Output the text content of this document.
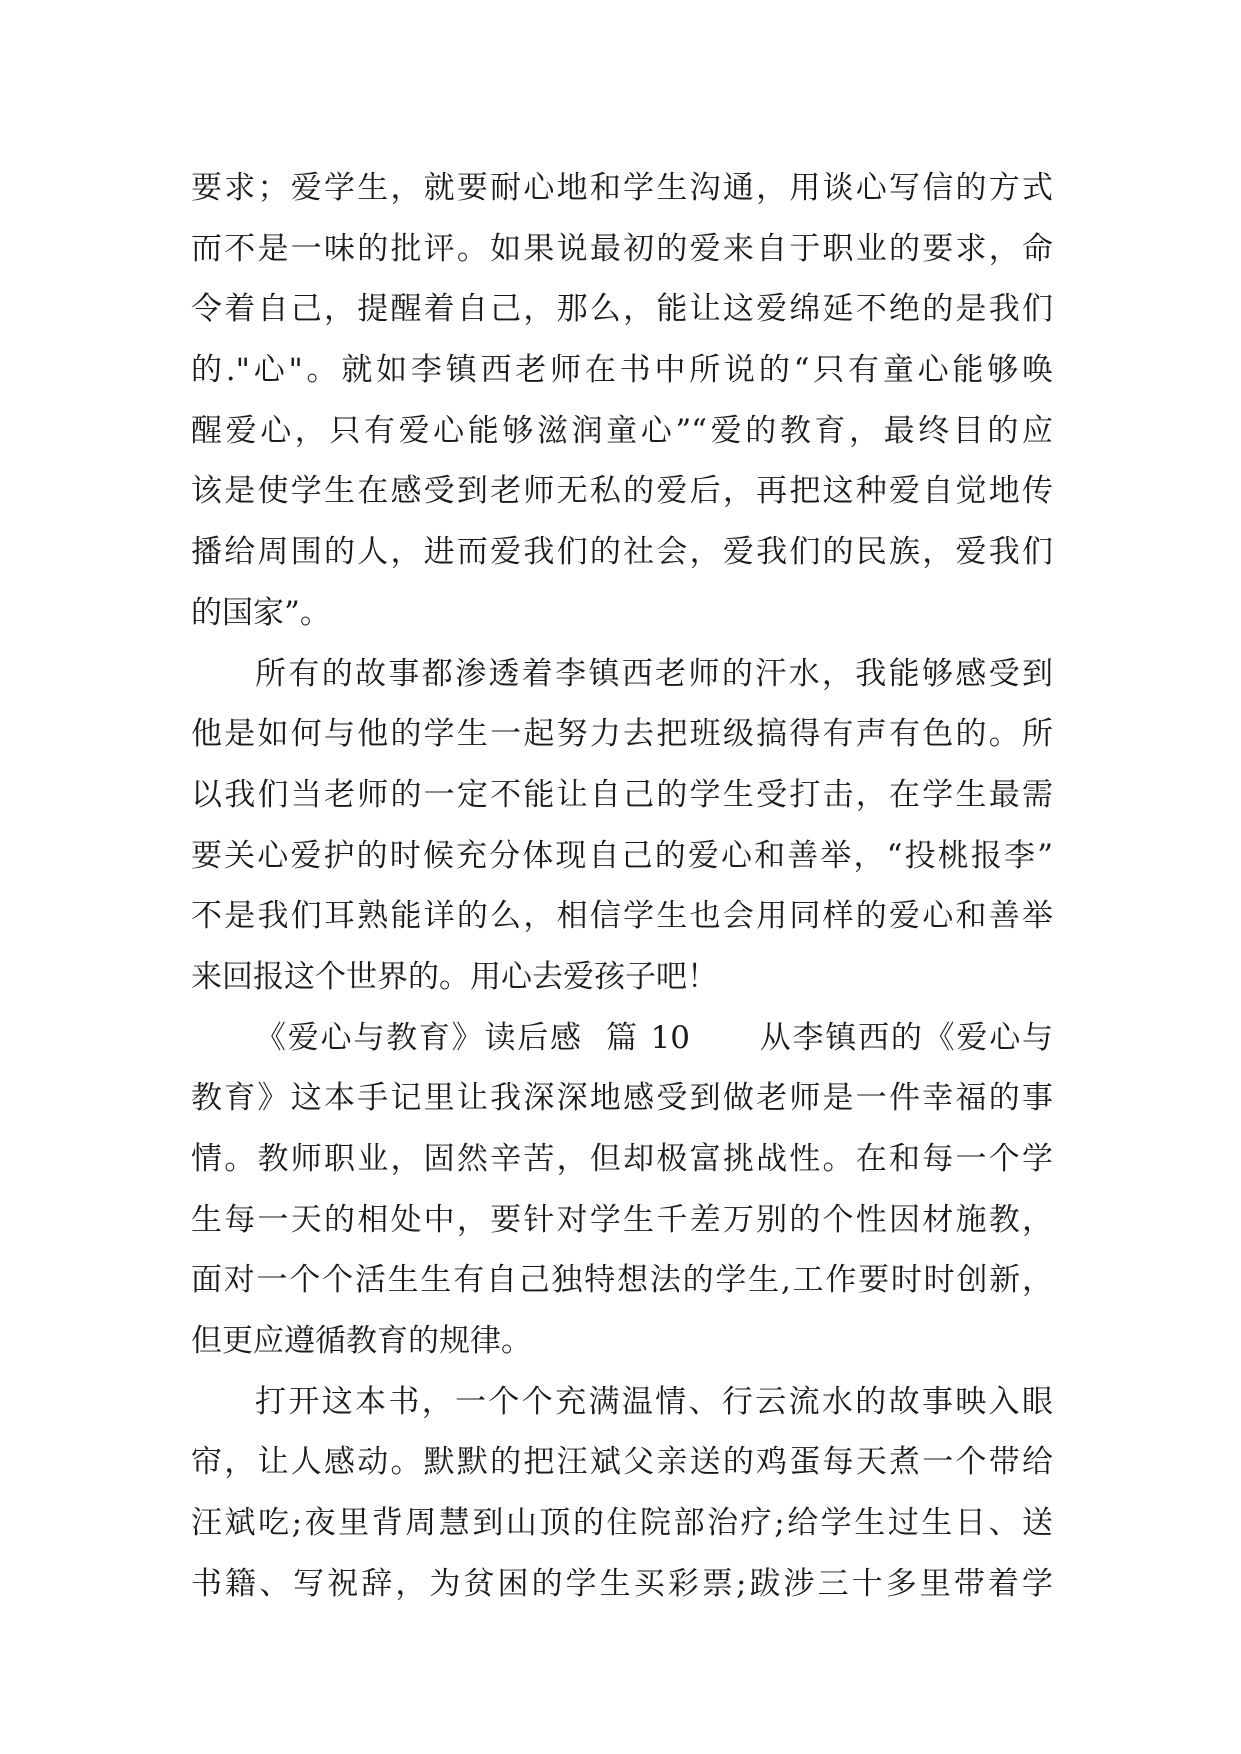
要求；爱学生，就要耐心地和学生沟通，用谈心写信的方式
而不是一味的批评。如果说最初的爱来自于职业的要求，命
令着自己，提醒着自己，那么，能让这爱绵延不绝的是我们
的."心"。就如李镇西老师在书中所说的“只有童心能够唤
醒爱心，只有爱心能够滋润童心”“爱的教育，最终目的应
该是使学生在感受到老师无私的爱后，再把这种爱自觉地传
播给周围的人，进而爱我们的社会，爱我们的民族，爱我们
的国家”。
所有的故事都渗透着李镇西老师的汗水，我能够感受到
他是如何与他的学生一起努力去把班级搞得有声有色的。所
以我们当老师的一定不能让自己的学生受打击，在学生最需
要关心爱护的时候充分体现自己的爱心和善举，“投桃报李”
不是我们耳熟能详的么，相信学生也会用同样的爱心和善举
来回报这个世界的。用心去爱孩子吧！
《爱心与教育》读后感  篇 10      从李镇西的《爱心与
教育》这本手记里让我深深地感受到做老师是一件幸福的事
情。教师职业，固然辛苦，但却极富挑战性。在和每一个学
生每一天的相处中，要针对学生千差万别的个性因材施教，
面对一个个活生生有自己独特想法的学生,工作要时时创新，
但更应遵循教育的规律。
打开这本书，一个个充满温情、行云流水的故事映入眼
帘，让人感动。默默的把汪斌父亲送的鸡蛋每天煮一个带给
汪斌吃;夜里背周慧到山顶的住院部治疗;给学生过生日、送
书籍、写祝辞，为贫困的学生买彩票;跋涉三十多里带着学
